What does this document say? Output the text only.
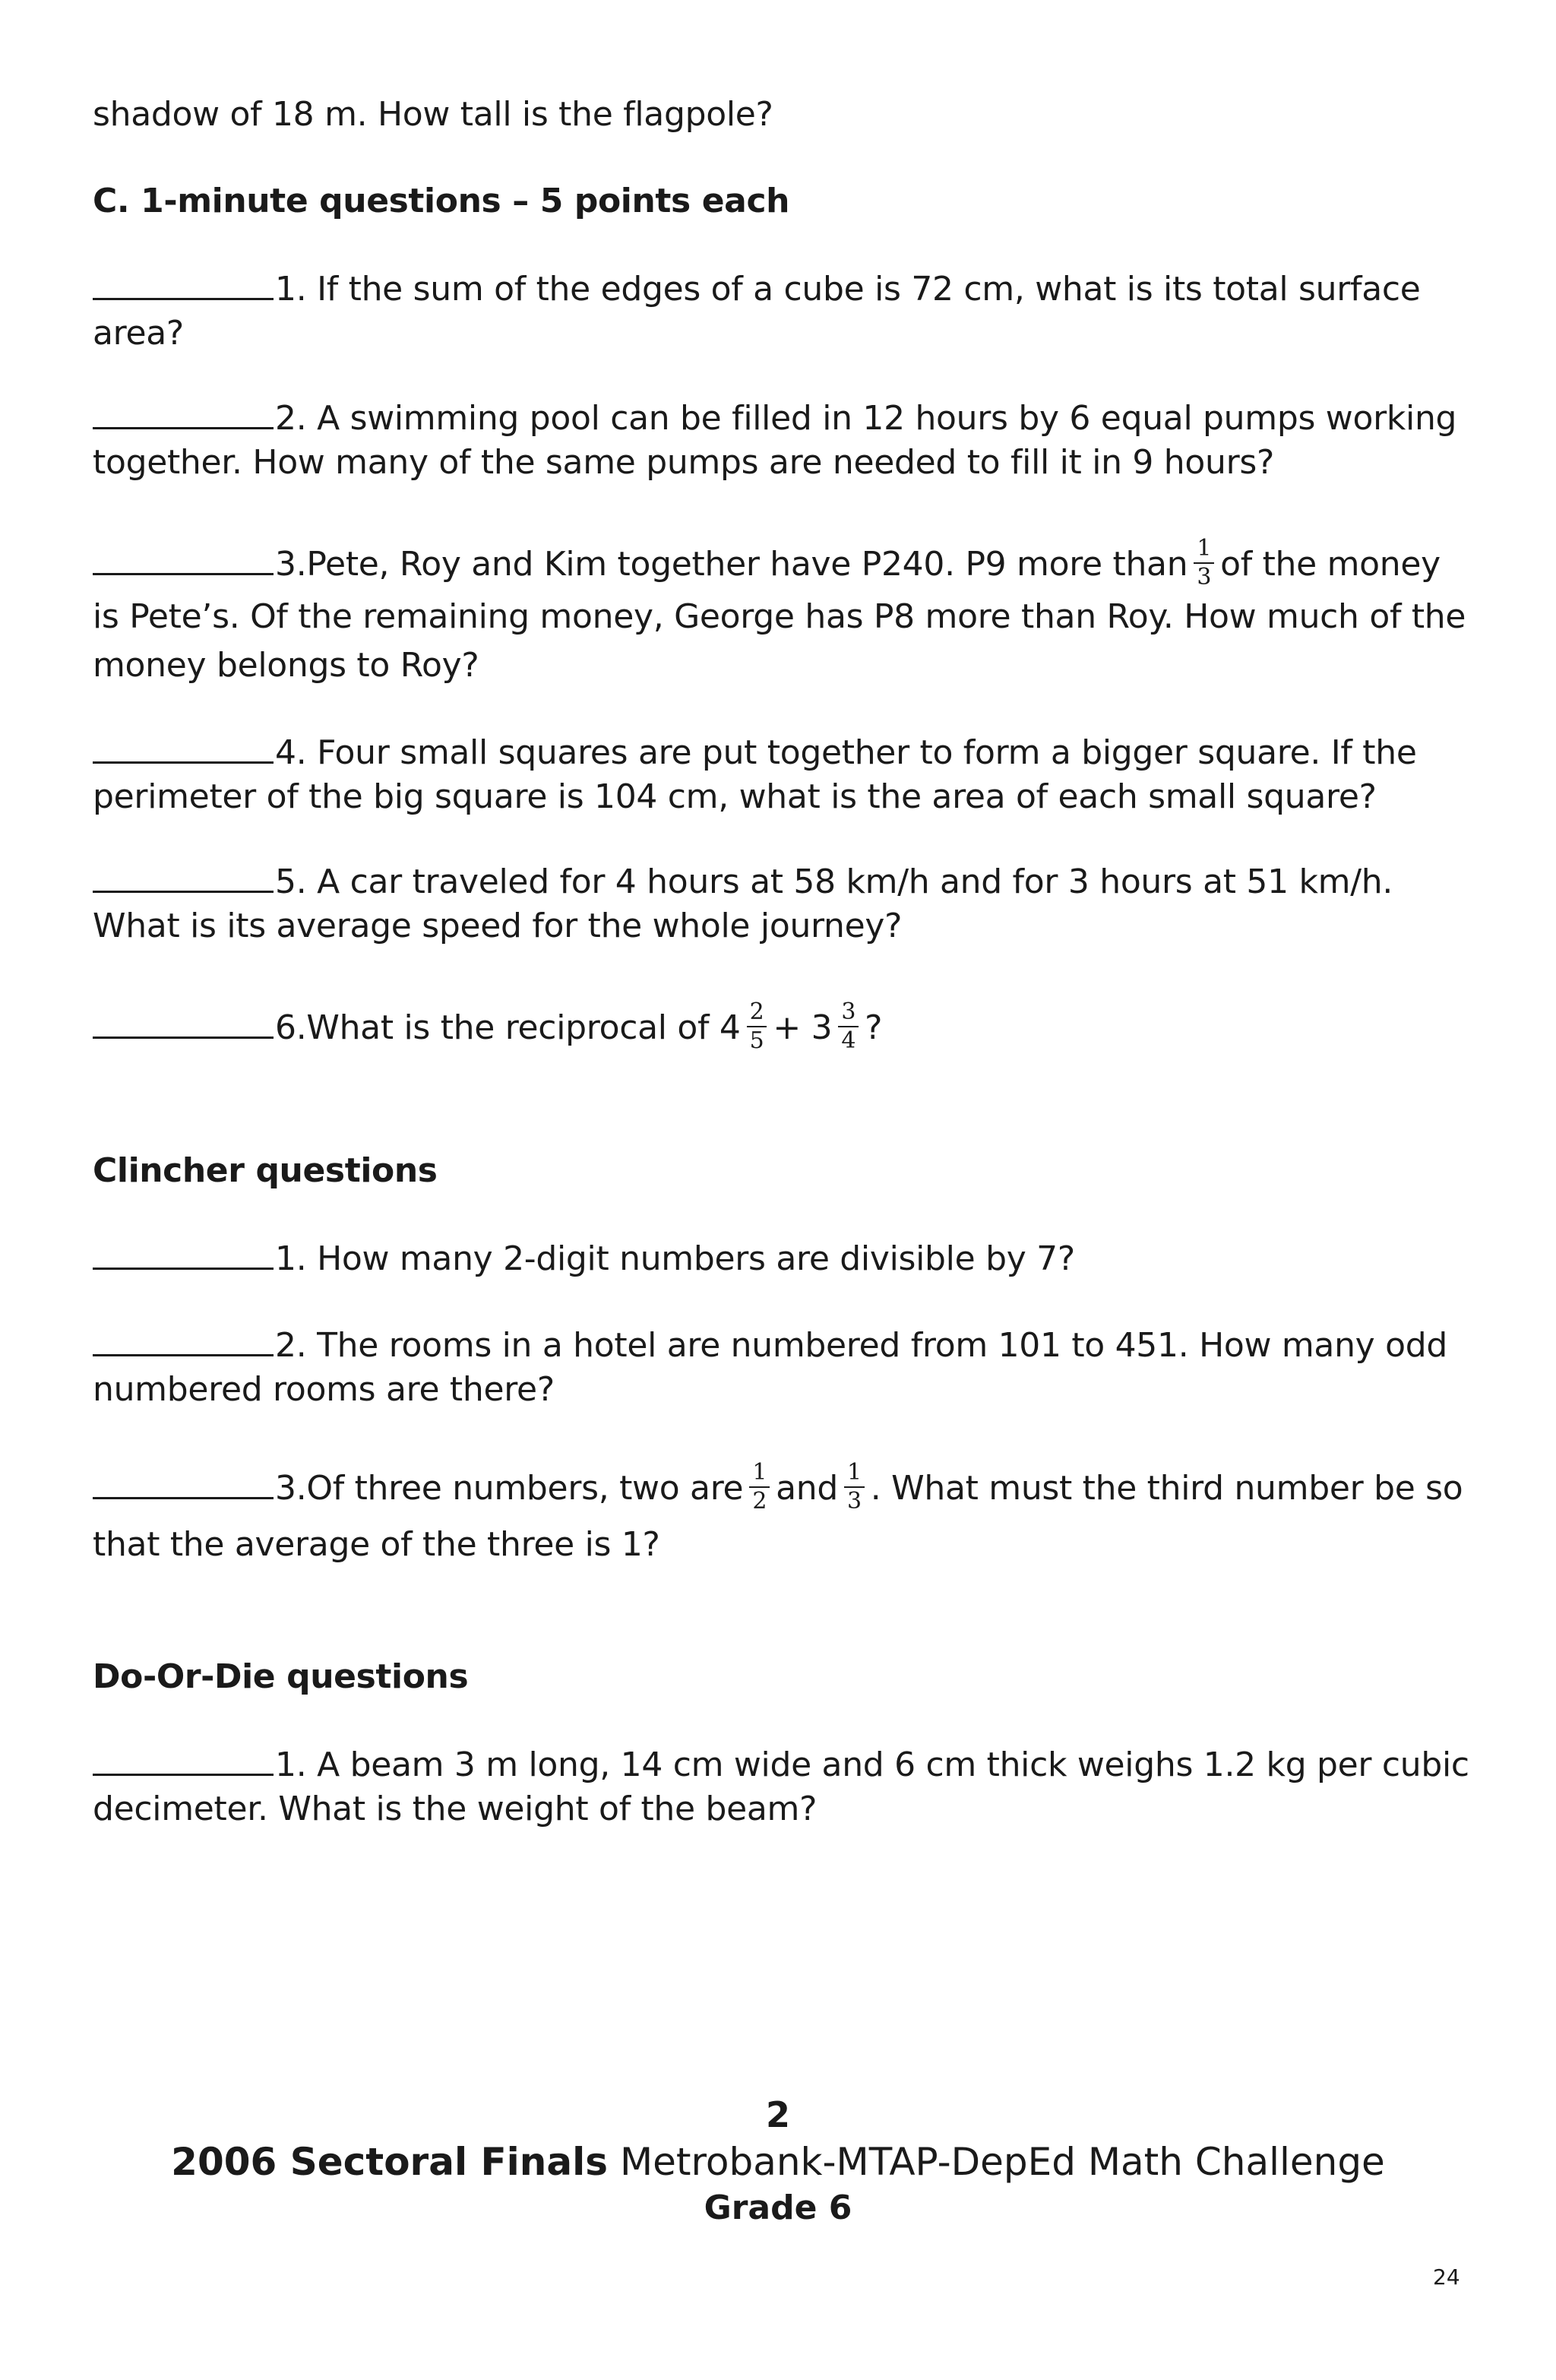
shadow of 18 m. How tall is the flagpole?
C. 1-minute questions – 5 points each
1. If the sum of the edges of a cube is 72 cm, what is its total surface area?
2. A swimming pool can be filled in 12 hours by 6 equal pumps working together. How many of the same pumps are needed to fill it in 9 hours?
3.Pete, Roy and Kim together have P240. P9 more than $\frac{1}{3}$ of the money is Pete’s. Of the remaining money, George has P8 more than Roy. How much of the money belongs to Roy?
4. Four small squares are put together to form a bigger square. If the perimeter of the big square is 104 cm, what is the area of each small square?
5. A car traveled for 4 hours at 58 km/h and for 3 hours at 51 km/h. What is its average speed for the whole journey?
6.What is the reciprocal of $4 \frac{2}{5} + 3 \frac{3}{4}$ ?
Clincher questions
1. How many 2-digit numbers are divisible by 7?
2. The rooms in a hotel are numbered from 101 to 451. How many odd numbered rooms are there?
3.Of three numbers, two are $\frac{1}{2}$ and $\frac{1}{3}$ . What must the third number be so that the average of the three is 1?
Do-Or-Die questions
1. A beam 3 m long, 14 cm wide and 6 cm thick weighs 1.2 kg per cubic decimeter. What is the weight of the beam?
2
2006 Sectoral Finals Metrobank-MTAP-DepEd Math Challenge
Grade 6
24
